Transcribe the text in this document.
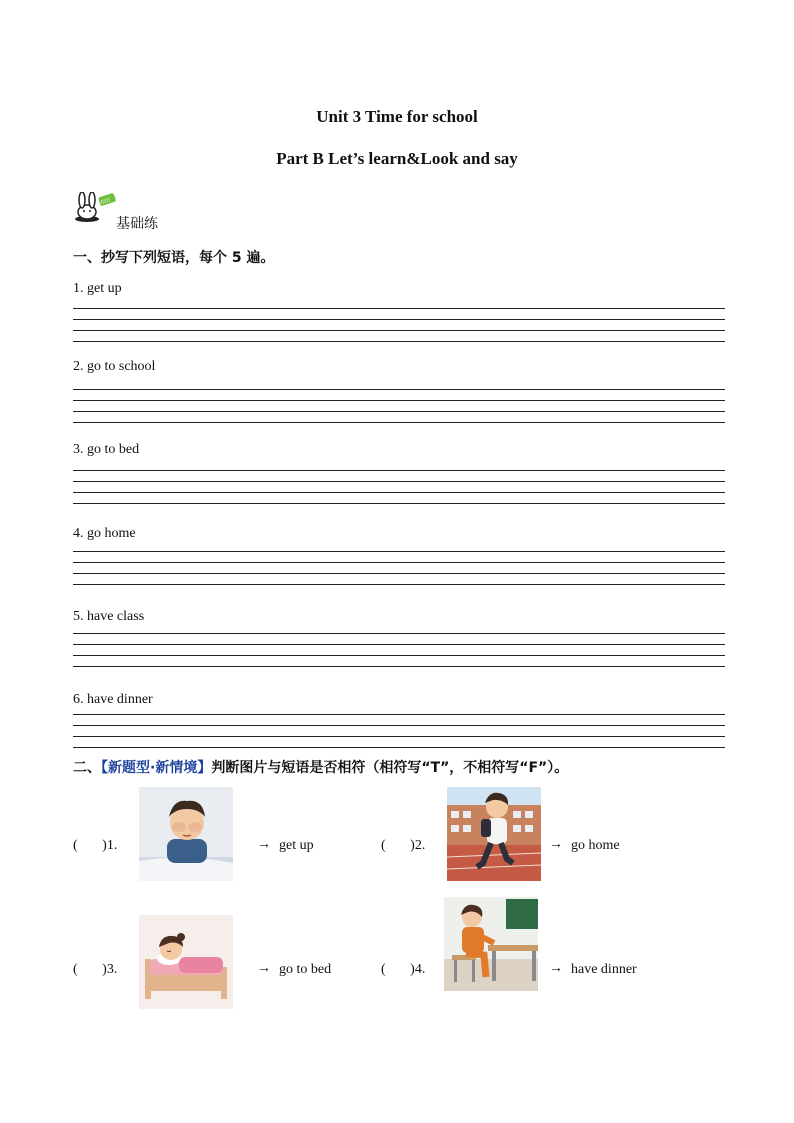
Unit 3 Time for school
Part B Let’s learn&Look and say
GO!
基础练
一、抄写下列短语，每个 5 遍。
1. get up
2. go to school
3. go to bed
4. go home
5. have class
6. have dinner
二、【新题型·新情境】判断图片与短语是否相符（相符写“T”，不相符写“F”）。
(       )1.	→ get up	(       )2.	→ go home
(       )3.	→ go to bed	(       )4.	→ have dinner
